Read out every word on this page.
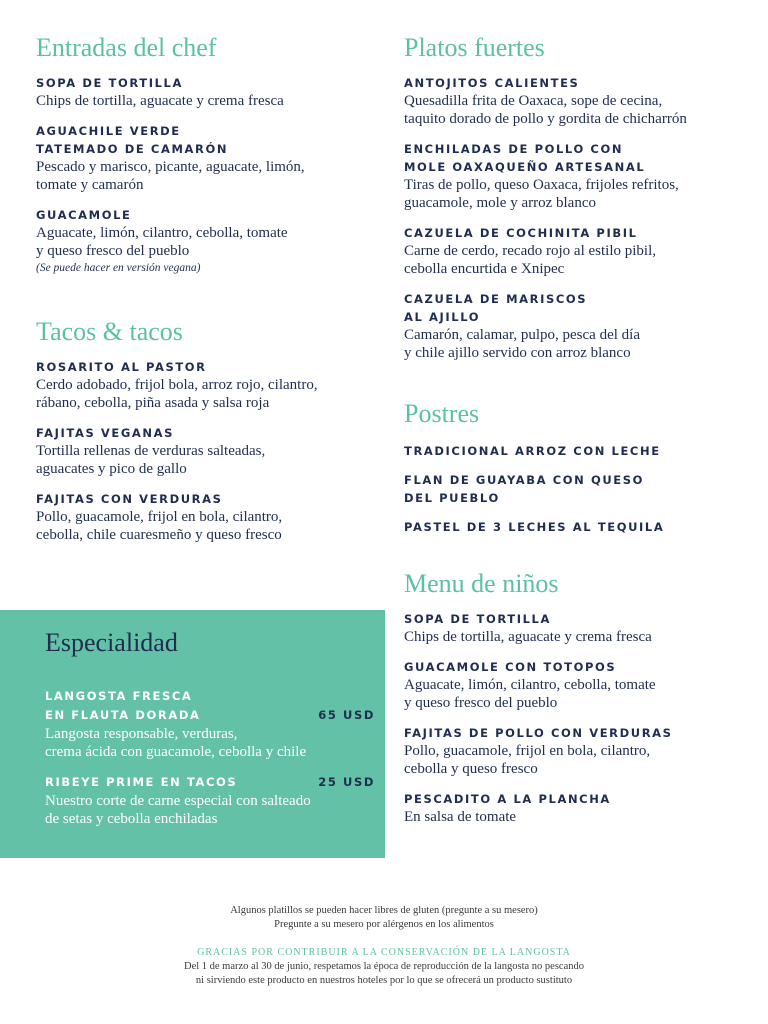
Entradas del chef
SOPA DE TORTILLA
Chips de tortilla, aguacate y crema fresca
AGUACHILE VERDE
TATEMADO DE CAMARÓN
Pescado y marisco, picante, aguacate, limón,
tomate y camarón
GUACAMOLE
Aguacate, limón, cilantro, cebolla, tomate
y queso fresco del pueblo
(Se puede hacer en versión vegana)
Tacos & tacos
ROSARITO AL PASTOR
Cerdo adobado, frijol bola, arroz rojo, cilantro,
rábano, cebolla, piña asada y salsa roja
FAJITAS VEGANAS
Tortilla rellenas de verduras salteadas,
aguacates y pico de gallo
FAJITAS CON VERDURAS
Pollo, guacamole, frijol en bola, cilantro,
cebolla, chile cuaresmeño y queso fresco
Especialidad
65 USD
LANGOSTA FRESCA
EN FLAUTA DORADA
Langosta responsable, verduras,
crema ácida con guacamole, cebolla y chile
25 USD
RIBEYE PRIME EN TACOS
Nuestro corte de carne especial con salteado
de setas y cebolla enchiladas
Platos fuertes
ANTOJITOS CALIENTES
Quesadilla frita de Oaxaca, sope de cecina,
taquito dorado de pollo y gordita de chicharrón
ENCHILADAS DE POLLO CON
MOLE OAXAQUEÑO ARTESANAL
Tiras de pollo, queso Oaxaca, frijoles refritos,
guacamole, mole y arroz blanco
CAZUELA DE COCHINITA PIBIL
Carne de cerdo, recado rojo al estilo pibil,
cebolla encurtida e Xnipec
CAZUELA DE MARISCOS
AL AJILLO
Camarón, calamar, pulpo, pesca del día
y chile ajillo servido con arroz blanco
Postres
TRADICIONAL ARROZ CON LECHE
FLAN DE GUAYABA CON QUESO
DEL PUEBLO
PASTEL DE 3 LECHES AL TEQUILA
Menu de niños
SOPA DE TORTILLA
Chips de tortilla, aguacate y crema fresca
GUACAMOLE CON TOTOPOS
Aguacate, limón, cilantro, cebolla, tomate
y queso fresco del pueblo
FAJITAS DE POLLO CON VERDURAS
Pollo, guacamole, frijol en bola, cilantro,
cebolla y queso fresco
PESCADITO A LA PLANCHA
En salsa de tomate
Algunos platillos se pueden hacer libres de gluten (pregunte a su mesero)
Pregunte a su mesero por alérgenos en los alimentos
GRACIAS POR CONTRIBUIR A LA CONSERVACIÓN DE LA LANGOSTA
Del 1 de marzo al 30 de junio, respetamos la época de reproducción de la langosta no pescando
ni sirviendo este producto en nuestros hoteles por lo que se ofrecerá un producto sustituto
